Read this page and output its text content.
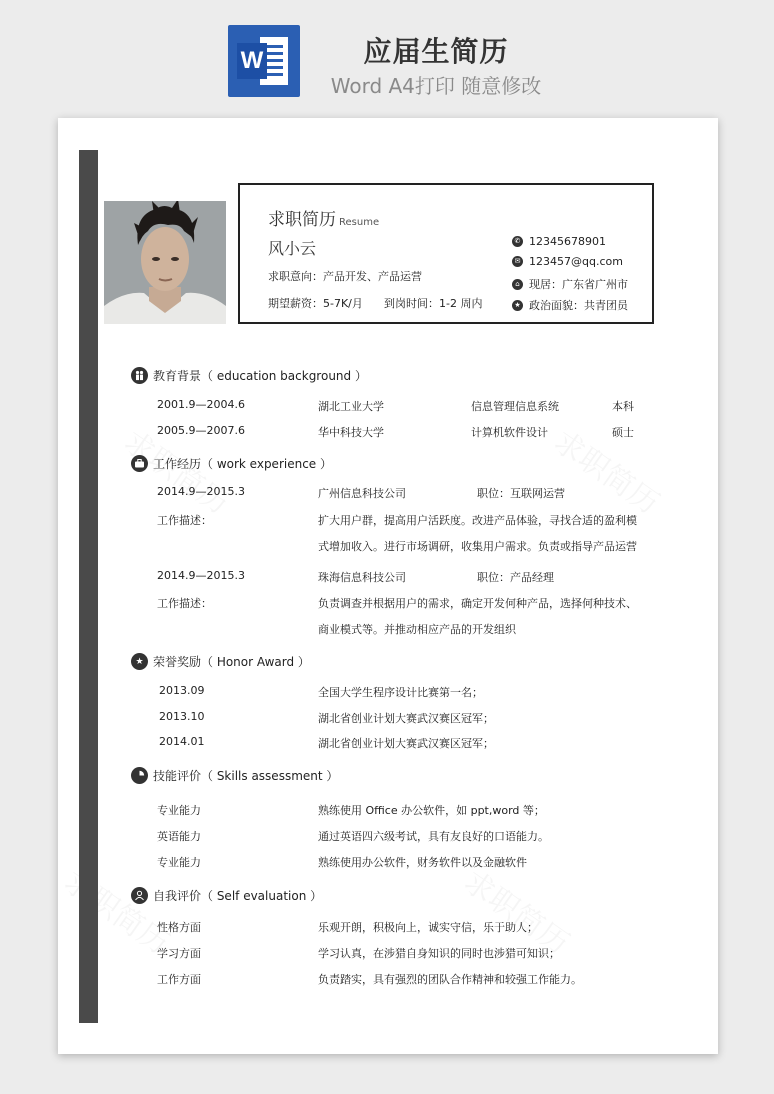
W	应届生简历
Word A4打印 随意修改
求职简历 Resume
风小云
求职意向：产品开发、产品运营
期望薪资：5-7K/月 到岗时间：1-2 周内
✆ 12345678901
✉ 123457@qq.com
⌂ 现居：广东省广州市
★ 政治面貌：共青团员
教育背景（ education background ）
2001.9—2004.6	湖北工业大学	信息管理信息系统	本科
2005.9—2007.6	华中科技大学	计算机软件设计	硕士
工作经历（ work experience ）
2014.9—2015.3	广州信息科技公司	职位：互联网运营
工作描述：	扩大用户群，提高用户活跃度。改进产品体验，寻找合适的盈利模
式增加收入。进行市场调研，收集用户需求。负责或指导产品运营
2014.9—2015.3	珠海信息科技公司	职位：产品经理
工作描述：	负责调查并根据用户的需求，确定开发何种产品，选择何种技术、
商业模式等。并推动相应产品的开发组织
★ 荣誉奖励（ Honor Award ）
2013.09	全国大学生程序设计比赛第一名；
2013.10	湖北省创业计划大赛武汉赛区冠军；
2014.01	湖北省创业计划大赛武汉赛区冠军；
技能评价（ Skills assessment ）
专业能力	熟练使用 Office 办公软件，如 ppt,word 等；
英语能力	通过英语四六级考试，具有友良好的口语能力。
专业能力	熟练使用办公软件，财务软件以及金融软件
自我评价（ Self evaluation ）
性格方面	乐观开朗，积极向上，诚实守信，乐于助人；
学习方面	学习认真，在涉猎自身知识的同时也涉猎可知识；
工作方面	负责踏实，具有强烈的团队合作精神和较强工作能力。
